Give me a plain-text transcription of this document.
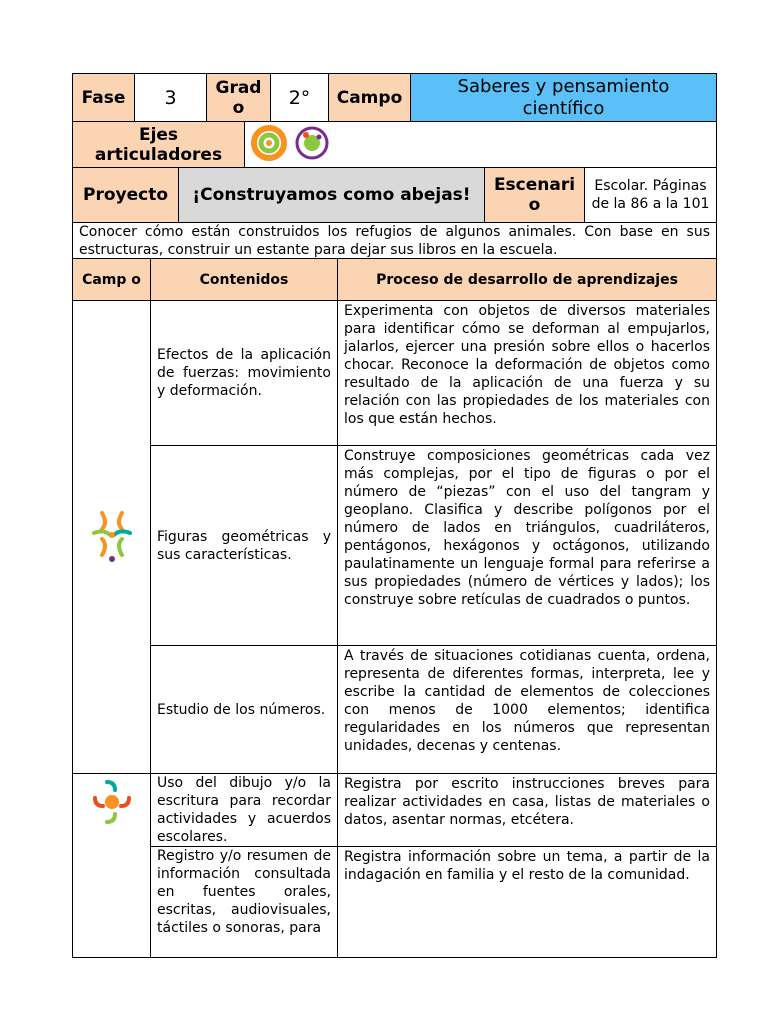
Fase	3	Grad o	2°	Campo	Saberes y pensamiento científico
Ejes articuladores	
Proyecto	¡Construyamos como abejas!	Escenari o	Escolar. Páginas de la 86 a la 101
Conocer cómo están construidos los refugios de algunos animales. Con base en sus estructuras, construir un estante para dejar sus libros en la escuela.
Camp o	Contenidos	Proceso de desarrollo de aprendizajes
	Efectos de la aplicación de fuerzas: movimiento y deformación.	Experimenta con objetos de diversos materiales para identificar cómo se deforman al empujarlos, jalarlos, ejercer una presión sobre ellos o hacerlos chocar. Reconoce la deformación de objetos como resultado de la aplicación de una fuerza y su relación con las propiedades de los materiales con los que están hechos.
	Figuras geométricas y sus características.	Construye composiciones geométricas cada vez más complejas, por el tipo de figuras o por el número de “piezas” con el uso del tangram y geoplano. Clasifica y describe polígonos por el número de lados en triángulos, cuadriláteros, pentágonos, hexágonos y octágonos, utilizando paulatinamente un lenguaje formal para referirse a sus propiedades (número de vértices y lados); los construye sobre retículas de cuadrados o puntos.
	Estudio de los números.	A través de situaciones cotidianas cuenta, ordena, representa de diferentes formas, interpreta, lee y escribe la cantidad de elementos de colecciones con menos de 1000 elementos; identifica regularidades en los números que representan unidades, decenas y centenas.
	Uso del dibujo y/o la escritura para recordar actividades y acuerdos escolares.	Registra por escrito instrucciones breves para realizar actividades en casa, listas de materiales o datos, asentar normas, etcétera.
	Registro y/o resumen de información consultada en fuentes orales, escritas, audiovisuales, táctiles o sonoras, para	Registra información sobre un tema, a partir de la indagación en familia y el resto de la comunidad.
